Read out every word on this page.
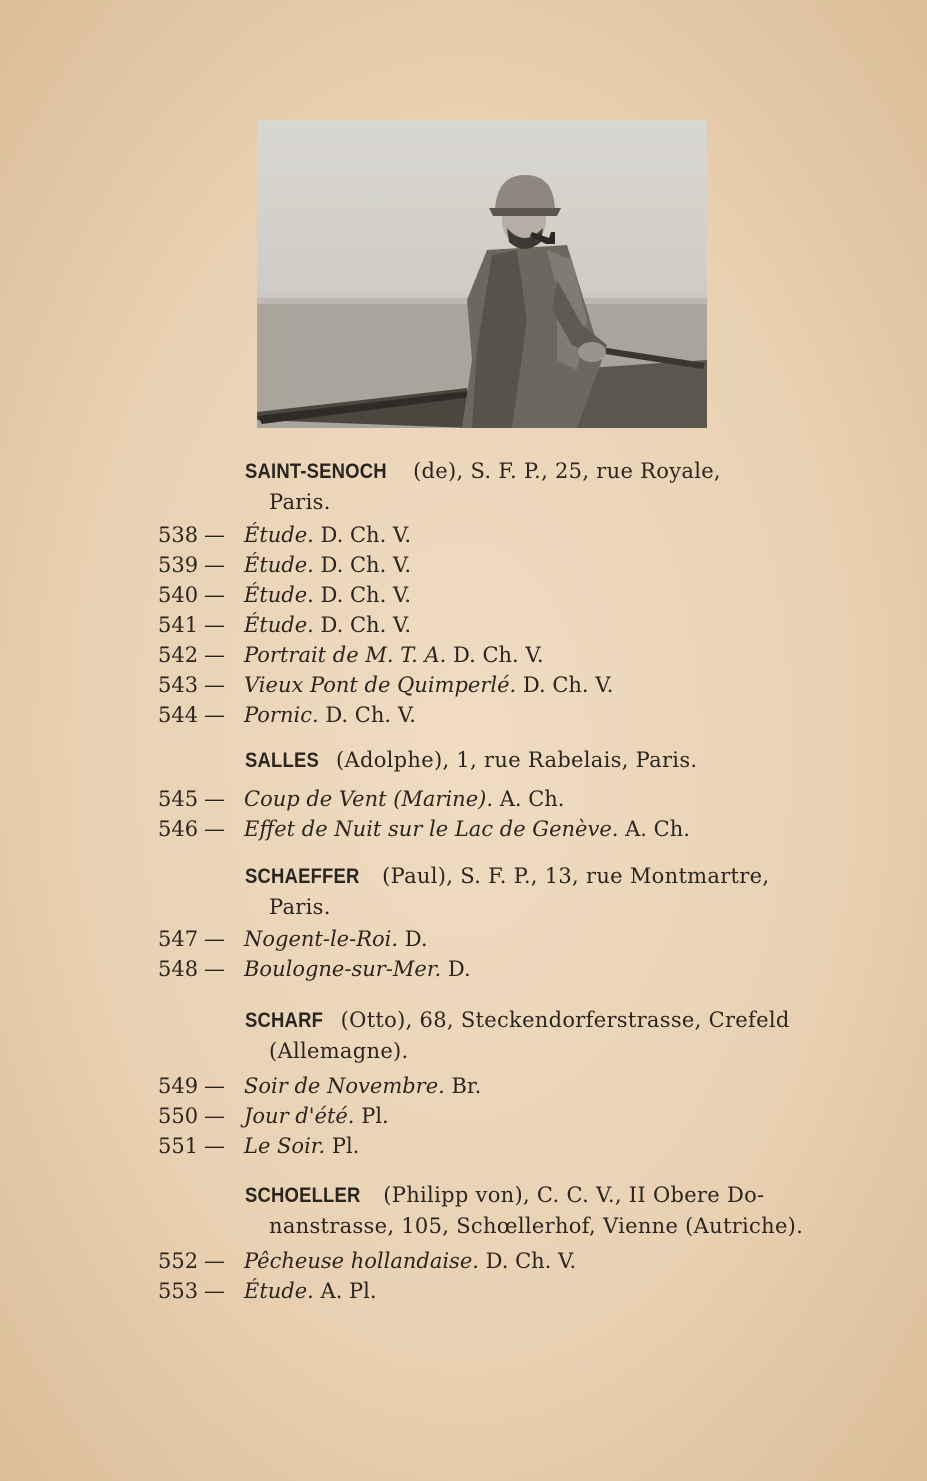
SAINT-SENOCH (de), S. F. P., 25, rue Royale,
Paris.
538 — Étude. D. Ch. V.
539 — Étude. D. Ch. V.
540 — Étude. D. Ch. V.
541 — Étude. D. Ch. V.
542 — Portrait de M. T. A. D. Ch. V.
543 — Vieux Pont de Quimperlé. D. Ch. V.
544 — Pornic. D. Ch. V.
SALLES (Adolphe), 1, rue Rabelais, Paris.
545 — Coup de Vent (Marine). A. Ch.
546 — Effet de Nuit sur le Lac de Genève. A. Ch.
SCHAEFFER (Paul), S. F. P., 13, rue Montmartre,
Paris.
547 — Nogent-le-Roi. D.
548 — Boulogne-sur-Mer. D.
SCHARF (Otto), 68, Steckendorferstrasse, Crefeld
(Allemagne).
549 — Soir de Novembre. Br.
550 — Jour d'été. Pl.
551 — Le Soir. Pl.
SCHOELLER (Philipp von), C. C. V., II Obere Do-
nanstrasse, 105, Schœllerhof, Vienne (Autriche).
552 — Pêcheuse hollandaise. D. Ch. V.
553 — Étude. A. Pl.
